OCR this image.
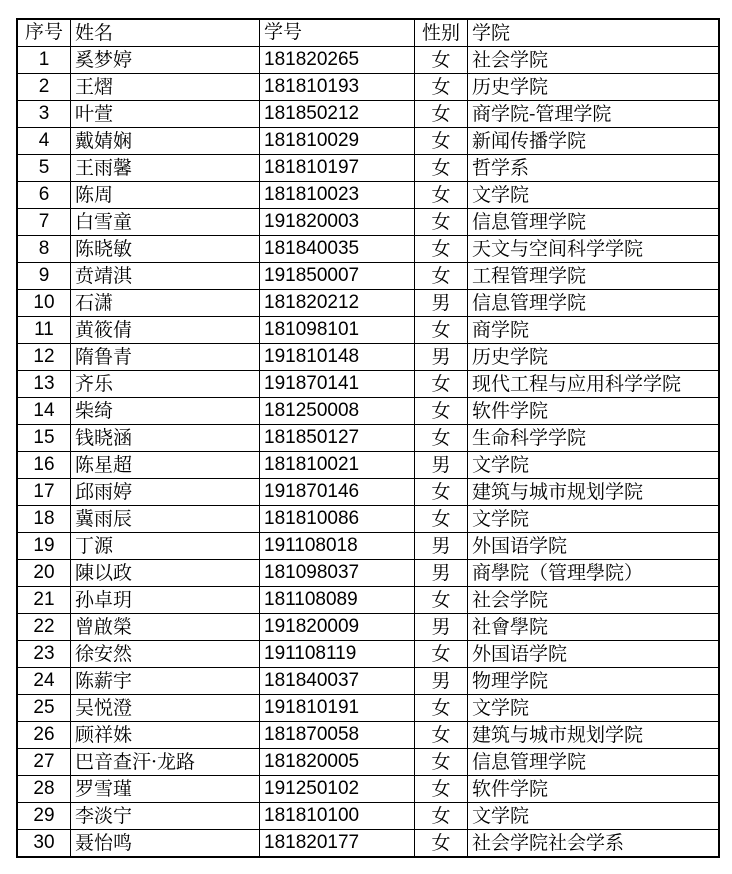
序号	姓名	学号	性别	学院
1	奚梦婷	181820265	女	社会学院
2	王熠	181810193	女	历史学院
3	叶萱	181850212	女	商学院-管理学院
4	戴婧娴	181810029	女	新闻传播学院
5	王雨馨	181810197	女	哲学系
6	陈周	181810023	女	文学院
7	白雪童	191820003	女	信息管理学院
8	陈晓敏	181840035	女	天文与空间科学学院
9	贲靖淇	191850007	女	工程管理学院
10	石潇	181820212	男	信息管理学院
11	黄筱倩	181098101	女	商学院
12	隋鲁青	191810148	男	历史学院
13	齐乐	191870141	女	现代工程与应用科学学院
14	柴绮	181250008	女	软件学院
15	钱晓涵	181850127	女	生命科学学院
16	陈星超	181810021	男	文学院
17	邱雨婷	191870146	女	建筑与城市规划学院
18	冀雨辰	181810086	女	文学院
19	丁源	191108018	男	外国语学院
20	陳以政	181098037	男	商學院（管理學院）
21	孙卓玥	181108089	女	社会学院
22	曾啟榮	191820009	男	社會學院
23	徐安然	191108119	女	外国语学院
24	陈薪宇	181840037	男	物理学院
25	吴悦澄	191810191	女	文学院
26	顾祥姝	181870058	女	建筑与城市规划学院
27	巴音查汗·龙路	181820005	女	信息管理学院
28	罗雪瑾	191250102	女	软件学院
29	李淡宁	181810100	女	文学院
30	聂怡鸣	181820177	女	社会学院社会学系
